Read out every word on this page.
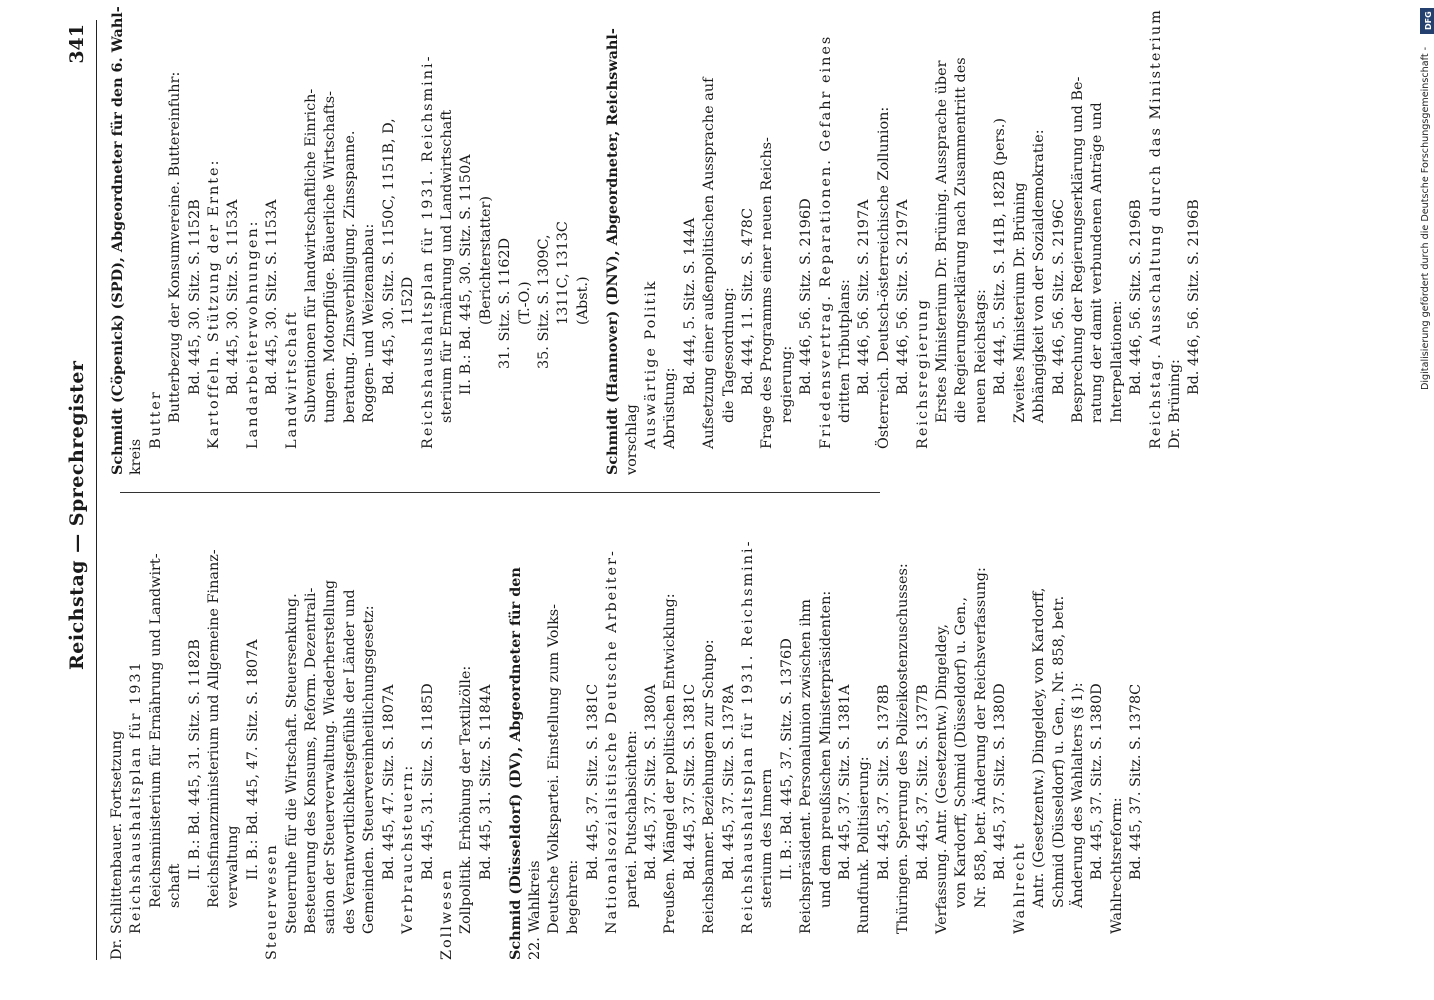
Reichstag — Sprechregister
341
Dr. Schlittenbauer. Fortsetzung Reichshaushaltsplan für 1931 Reichsministerium für Ernährung und Landwirt- schaft
II. B.: Bd. 445, 31. Sitz. S. 1182B Reichsfinanzministerium und Allgemeine Finanz- verwaltung II. B.: Bd. 445, 47. Sitz. S. 1807A
Steuerwesen Steuerruhe für die Wirtschaft. Steuersenkung. Besteuerung des Konsums, Reform. Dezentrali- sation der Steuerverwaltung. Wiederherstellung des Verantwortlichkeitsgefühls der Länder und Gemeinden. Steuervereinheitlichungsgesetz: Bd. 445, 47. Sitz. S. 1807A Verbrauchsteuern: Bd. 445, 31. Sitz. S. 1185D
Zollwesen Zollpolitik. Erhöhung der Textilzölle: Bd. 445, 31. Sitz. S. 1184A Schmid (Düsseldorf) (DV), Abgeordneter für den 22. Wahlkreis Deutsche Volkspartei. Einstellung zum Volks- begehren:
Bd. 445, 37. Sitz. S. 1381C Nationalsozialistische Deutsche Arbeiter- partei. Putschabsichten: Bd. 445, 37. Sitz. S. 1380A Preußen. Mängel der politischen Entwicklung: Bd. 445, 37. Sitz. S. 1381C Reichsbanner. Beziehungen zur Schupo: Bd. 445, 37. Sitz. S. 1378A Reichshaushaltsplan für 1931. Reichsmini- sterium des Innern II. B.: Bd. 445, 37. Sitz. S. 1376D Reichspräsident. Personalunion zwischen ihm und dem preußischen Ministerpräsidenten: Bd. 445, 37. Sitz. S. 1381A Rundfunk. Politisierung: Bd. 445, 37. Sitz. S. 1378B Thüringen. Sperrung des Polizeikostenzuschusses: Bd. 445, 37. Sitz. S. 1377B Verfassung. Antr. (Gesetzentw.) Dingeldey, von Kardorff, Schmid (Düsseldorf) u. Gen., Nr. 858, betr. Änderung der Reichsverfassung: Bd. 445, 37. Sitz. S. 1380D
Wahlrecht Antr. (Gesetzentw.) Dingeldey, von Kardorff, Schmid (Düsseldorf) u. Gen., Nr. 858, betr. Änderung des Wahlalters (§ 1): Bd. 445, 37. Sitz. S. 1380D Wahlrechtsreform: Bd. 445, 37. Sitz. S. 1378C
Schmidt (Cöpenick) (SPD), Abgeordneter für den 6. Wahl- kreis
Butter Butterbezug der Konsumvereine. Buttereinfuhr: Bd. 445, 30. Sitz. S. 1152B Kartoffeln. Stützung der Ernte: Bd. 445, 30. Sitz. S. 1153A Landarbeiterwohnungen: Bd. 445, 30. Sitz. S. 1153A Landwirtschaft Subventionen für landwirtschaftliche Einrich- tungen. Motorpflüge. Bäuerliche Wirtschafts- beratung. Zinsverbilligung. Zinsspanne. Roggen- und Weizenanbau: Bd. 445, 30. Sitz. S. 1150C, 1151B, D, 1152D Reichshaushaltsplan für 1931. Reichsmini- sterium für Ernährung und Landwirtschaft II. B.: Bd. 445, 30. Sitz. S. 1150A (Berichterstatter) 31. Sitz. S. 1162D (T.-O.) 35. Sitz. S. 1309C, 1311C, 1313C (Abst.) Schmidt (Hannover) (DNV), Abgeordneter, Reichswahl- vorschlag Auswärtige Politik Abrüstung:
Bd. 444, 5. Sitz. S. 144A Aufsetzung einer außenpolitischen Aussprache auf die Tagesordnung: Bd. 444, 11. Sitz. S. 478C Frage des Programms einer neuen Reichs- regierung: Bd. 446, 56. Sitz. S. 2196D Friedensvertrag. Reparationen. Gefahr eines dritten Tributplans: Bd. 446, 56. Sitz. S. 2197A Österreich. Deutsch-österreichische Zollunion: Bd. 446, 56. Sitz. S. 2197A Reichsregierung Erstes Ministerium Dr. Brüning. Aussprache über die Regierungserklärung nach Zusammentritt des neuen Reichstags: Bd. 444, 5. Sitz. S. 141B, 182B (pers.) Zweites Ministerium Dr. Brüning Abhängigkeit von der Sozialdemokratie: Bd. 446, 56. Sitz. S. 2196C Besprechung der Regierungserklärung und Be- ratung der damit verbundenen Anträge und Interpellationen: Bd. 446, 56. Sitz. S. 2196B Reichstag. Ausschaltung durch das Ministerium Dr. Brüning:
Bd. 446, 56. Sitz. S. 2196B
DFG
Digitalisierung gefördert durch die Deutsche Forschungsgemeinschaft -
